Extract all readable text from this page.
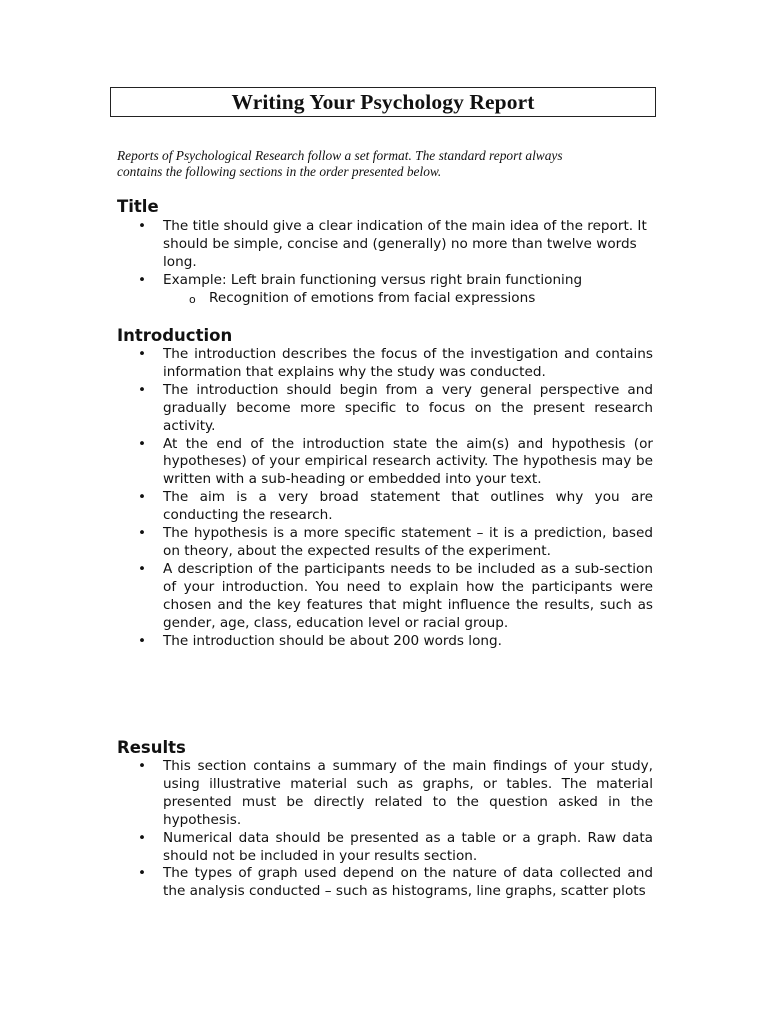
Writing Your Psychology Report
Reports of Psychological Research follow a set format. The standard report always
contains the following sections in the order presented below.
Title
• The title should give a clear indication of the main idea of the report. It should be simple, concise and (generally) no more than twelve words long.
• Example: Left brain functioning versus right brain functioning
o Recognition of emotions from facial expressions
Introduction
• The introduction describes the focus of the investigation and contains information that explains why the study was conducted.
• The introduction should begin from a very general perspective and gradually become more specific to focus on the present research activity.
• At the end of the introduction state the aim(s) and hypothesis (or hypotheses) of your empirical research activity. The hypothesis may be written with a sub-heading or embedded into your text.
• The aim is a very broad statement that outlines why you are conducting the research.
• The hypothesis is a more specific statement – it is a prediction, based on theory, about the expected results of the experiment.
• A description of the participants needs to be included as a sub-section of your introduction. You need to explain how the participants were chosen and the key features that might influence the results, such as gender, age, class, education level or racial group.
• The introduction should be about 200 words long.
Results
• This section contains a summary of the main findings of your study, using illustrative material such as graphs, or tables. The material presented must be directly related to the question asked in the hypothesis.
• Numerical data should be presented as a table or a graph. Raw data should not be included in your results section.
• The types of graph used depend on the nature of data collected and the analysis conducted – such as histograms, line graphs, scatter plots
